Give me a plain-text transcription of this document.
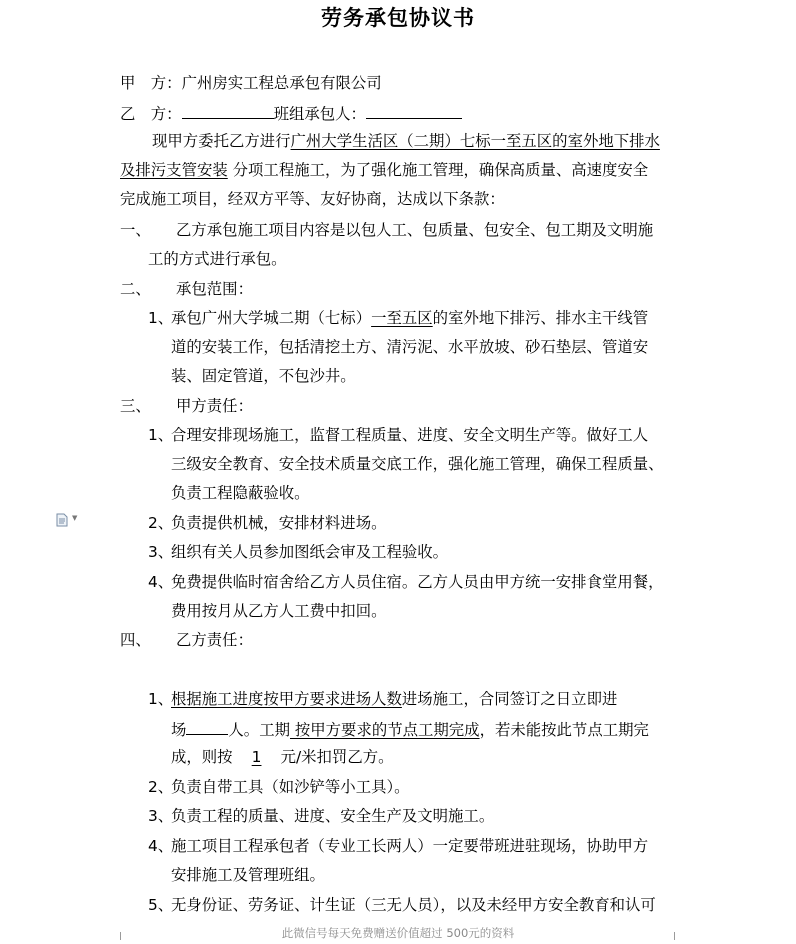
劳务承包协议书
甲　方：广州房实工程总承包有限公司
乙　方：	班组承包人：
现甲方委托乙方进行广州大学生活区（二期）七标一至五区的室外地下排水
及排污支管安装 分项工程施工，为了强化施工管理，确保高质量、高速度安全
完成施工项目，经双方平等、友好协商，达成以下条款：
一、 乙方承包施工项目内容是以包人工、包质量、包安全、包工期及文明施
工的方式进行承包。
二、 承包范围：
1、
承包广州大学城二期（七标）一至五区的室外地下排污、排水主干线管
道的安装工作，包括清挖土方、清污泥、水平放坡、砂石垫层、管道安
装、固定管道，不包沙井。
三、 甲方责任：
1、
合理安排现场施工，监督工程质量、进度、安全文明生产等。做好工人
三级安全教育、安全技术质量交底工作，强化施工管理，确保工程质量、
负责工程隐蔽验收。
▼	2、
负责提供机械，安排材料进场。
3、
组织有关人员参加图纸会审及工程验收。
4、
免费提供临时宿舍给乙方人员住宿。乙方人员由甲方统一安排食堂用餐，
费用按月从乙方人工费中扣回。
四、 乙方责任：
1、
根据施工进度按甲方要求进场人数进场施工，合同签订之日立即进
场	人。工期 按甲方要求的节点工期完成，若未能按此节点工期完
成，则按 1 元/米扣罚乙方。
2、
负责自带工具（如沙铲等小工具）。
3、
负责工程的质量、进度、安全生产及文明施工。
4、
施工项目工程承包者（专业工长两人）一定要带班进驻现场，协助甲方
安排施工及管理班组。
5、
无身份证、劳务证、计生证（三无人员），以及未经甲方安全教育和认可
此微信号每天免费赠送价值超过 500元的资料
